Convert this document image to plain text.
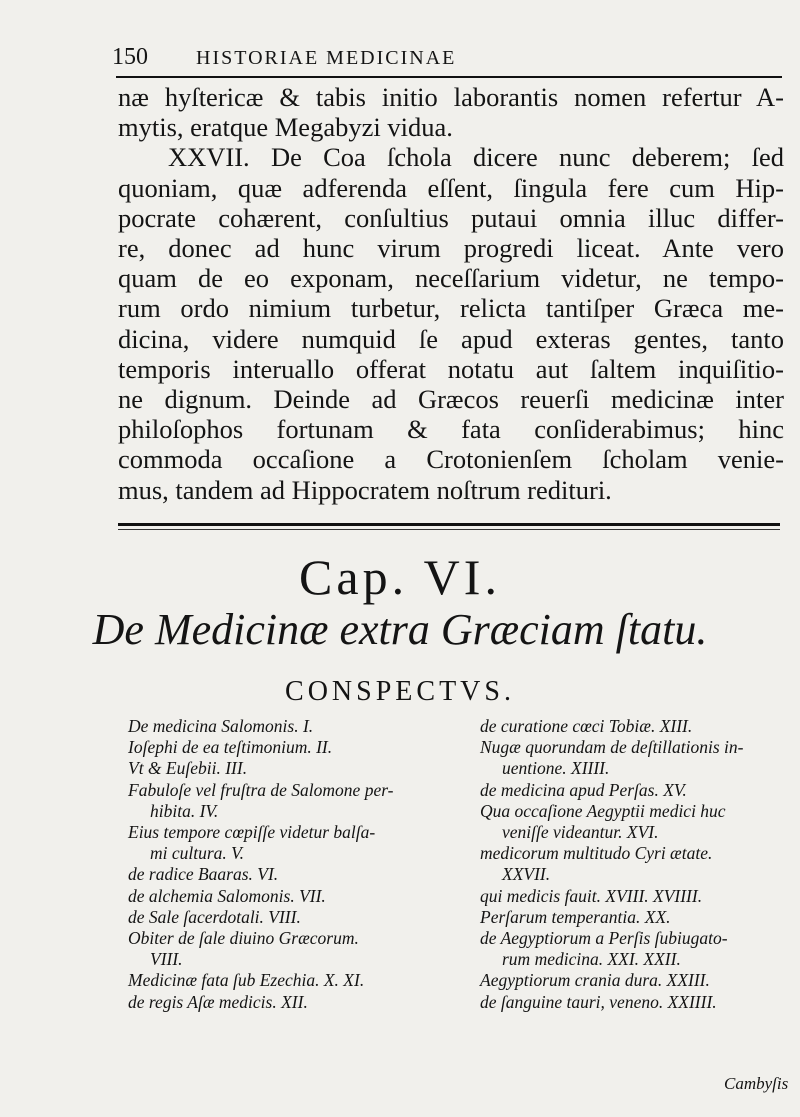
150 HISTORIAE MEDICINAE
næ hyſtericæ & tabis initio laborantis nomen refertur A-
mytis, eratque Megabyzi vidua.
XXVII. De Coa ſchola dicere nunc deberem; ſed
quoniam, quæ adferenda eſſent, ſingula fere cum Hip-
pocrate cohærent, conſultius putaui omnia illuc differ-
re, donec ad hunc virum progredi liceat. Ante vero
quam de eo exponam, neceſſarium videtur, ne tempo-
rum ordo nimium turbetur, relicta tantiſper Græca me-
dicina, videre numquid ſe apud exteras gentes, tanto
temporis interuallo offerat notatu aut ſaltem inquiſitio-
ne dignum. Deinde ad Græcos reuerſi medicinæ inter
philoſophos fortunam & fata conſiderabimus; hinc
commoda occaſione a Crotonienſem ſcholam venie-
mus, tandem ad Hippocratem noſtrum redituri.
Cap. VI.
De Medicinæ extra Græciam ſtatu.
CONSPECTVS.
De medicina Salomonis. I.
Ioſephi de ea teſtimonium. II.
Vt & Euſebii. III.
Fabuloſe vel fruſtra de Salomone per-
hibita. IV.
Eius tempore cœpiſſe videtur balſa-
mi cultura. V.
de radice Baaras. VI.
de alchemia Salomonis. VII.
de Sale ſacerdotali. VIII.
Obiter de ſale diuino Græcorum.
VIII.
Medicinæ fata ſub Ezechia. X. XI.
de regis Aſæ medicis. XII.
de curatione cœci Tobiæ. XIII.
Nugæ quorundam de deſtillationis in-
uentione. XIIII.
de medicina apud Perſas. XV.
Qua occaſione Aegyptii medici huc
veniſſe videantur. XVI.
medicorum multitudo Cyri ætate.
XXVII.
qui medicis fauit. XVIII. XVIIII.
Perſarum temperantia. XX.
de Aegyptiorum a Perſis ſubiugato-
rum medicina. XXI. XXII.
Aegyptiorum crania dura. XXIII.
de ſanguine tauri, veneno. XXIIII.
Cambyſis
